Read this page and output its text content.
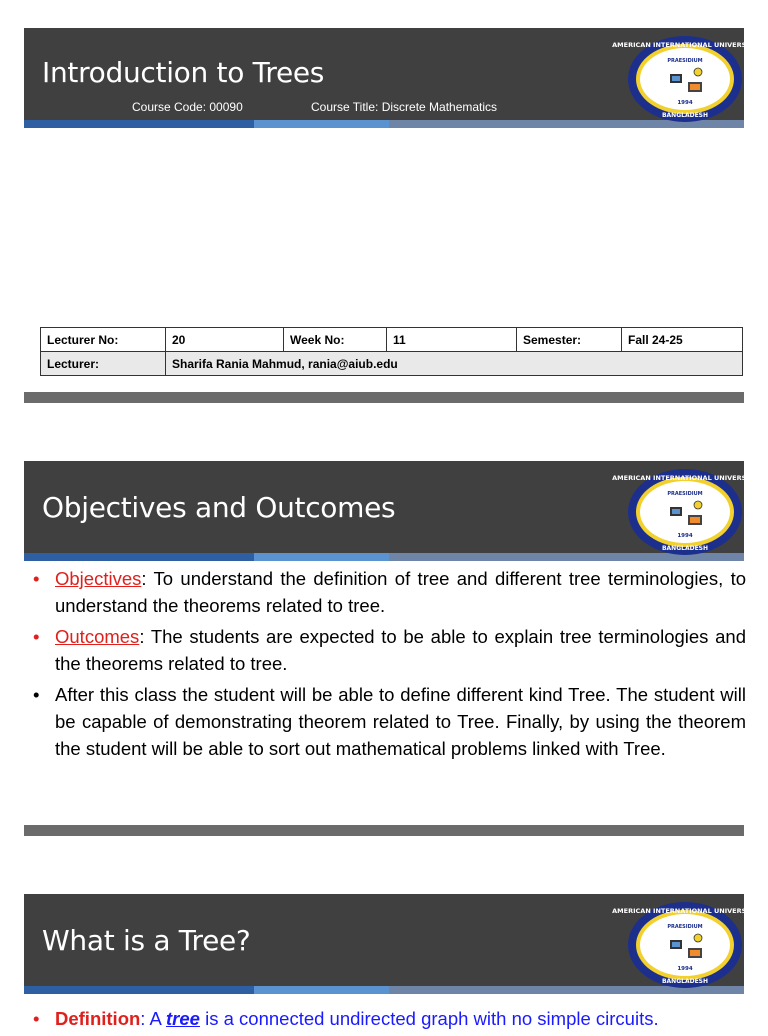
Introduction to Trees
Course Code: 00090	Course Title: Discrete Mathematics
AMERICAN INTERNATIONAL UNIVERSITY
PRAESIDIUM
1994
BANGLADESH
Lecturer No:	20	Week No:	11	Semester:	Fall 24-25
Lecturer:	Sharifa Rania Mahmud, rania@aiub.edu				
Objectives and Outcomes
AMERICAN INTERNATIONAL UNIVERSITY
PRAESIDIUM
1994
BANGLADESH
• Objectives: To understand the definition of tree and different tree terminologies, to understand the theorems related to tree.
• Outcomes: The students are expected to be able to explain tree terminologies and the theorems related to tree.
• After this class the student will be able to define different kind Tree. The student will be capable of demonstrating theorem related to Tree. Finally, by using the theorem the student will be able to sort out mathematical problems linked with Tree.
What is a Tree?
AMERICAN INTERNATIONAL UNIVERSITY
PRAESIDIUM
1994
BANGLADESH
• Definition: A tree is a connected undirected graph with no simple circuits.
